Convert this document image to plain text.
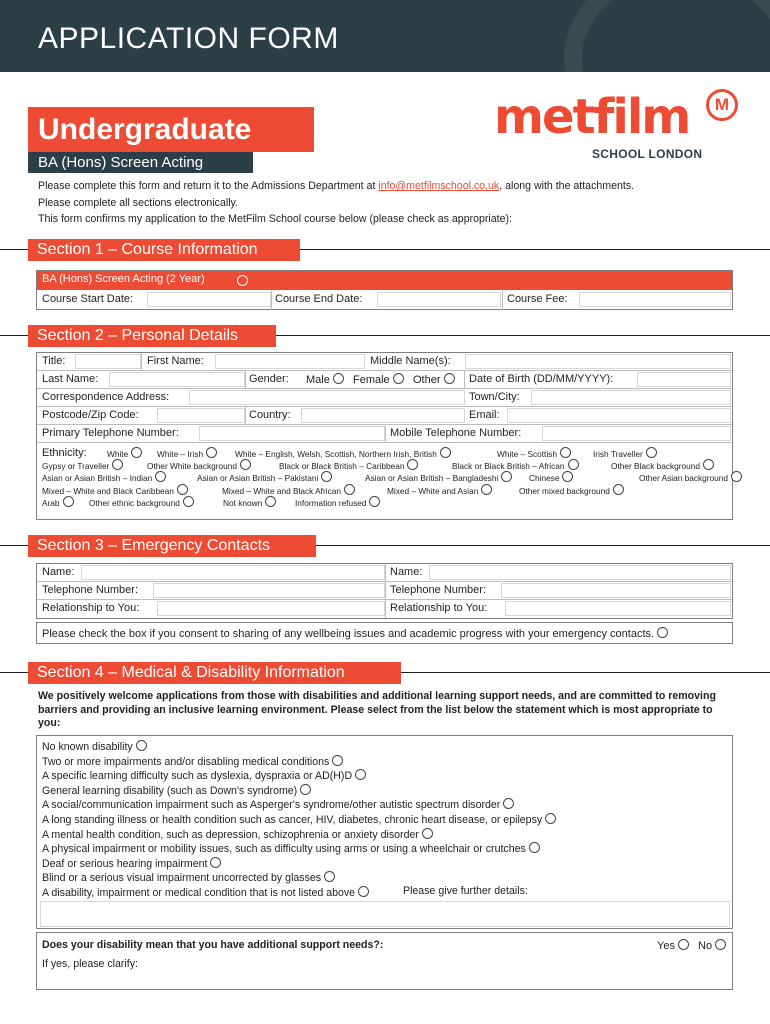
APPLICATION FORM
Undergraduate
BA (Hons) Screen Acting
metfilm	M
SCHOOL LONDON
Please complete this form and return it to the Admissions Department at info@metfilmschool.co.uk, along with the attachments.
Please complete all sections electronically.
This form confirms my application to the MetFilm School course below (please check as appropriate):
Section 1 – Course Information
BA (Hons) Screen Acting (2 Year)
Course Start Date:	Course End Date:	Course Fee:
Section 2 – Personal Details
Title:	First Name:	Middle Name(s):
Last Name:	Gender: Male	Female	Other	Date of Birth (DD/MM/YYYY):
Correspondence Address:	Town/City:
Postcode/Zip Code:	Country:	Email:
Primary Telephone Number:	Mobile Telephone Number:
Ethnicity: White	White – Irish	White – English, Welsh, Scottish, Northern Irish, British	White – Scottish	Irish Traveller
Gypsy or Traveller	Other White background	Black or Black British – Caribbean	Black or Black British – African	Other Black background
Asian or Asian British – Indian	Asian or Asian British – Pakistani	Asian or Asian British – Bangladeshi	Chinese	Other Asian background
Mixed – White and Black Caribbean	Mixed – White and Black African	Mixed – White and Asian	Other mixed background
Arab	Other ethnic background	Not known	Information refused
Section 3 – Emergency Contacts
Name:	Name:
Telephone Number:	Telephone Number:
Relationship to You:	Relationship to You:
Please check the box if you consent to sharing of any wellbeing issues and academic progress with your emergency contacts.
Section 4 – Medical & Disability Information
We positively welcome applications from those with disabilities and additional learning support needs, and are committed to removing barriers and providing an inclusive learning environment. Please select from the list below the statement which is most appropriate to you:
No known disability
Two or more impairments and/or disabling medical conditions
A specific learning difficulty such as dyslexia, dyspraxia or AD(H)D
General learning disability (such as Down's syndrome)
A social/communication impairment such as Asperger's syndrome/other autistic spectrum disorder
A long standing illness or health condition such as cancer, HIV, diabetes, chronic heart disease, or epilepsy
A mental health condition, such as depression, schizophrenia or anxiety disorder
A physical impairment or mobility issues, such as difficulty using arms or using a wheelchair or crutches
Deaf or serious hearing impairment
Blind or a serious visual impairment uncorrected by glasses
A disability, impairment or medical condition that is not listed above	Please give further details:
Does your disability mean that you have additional support needs?:	Yes	No
If yes, please clarify:
